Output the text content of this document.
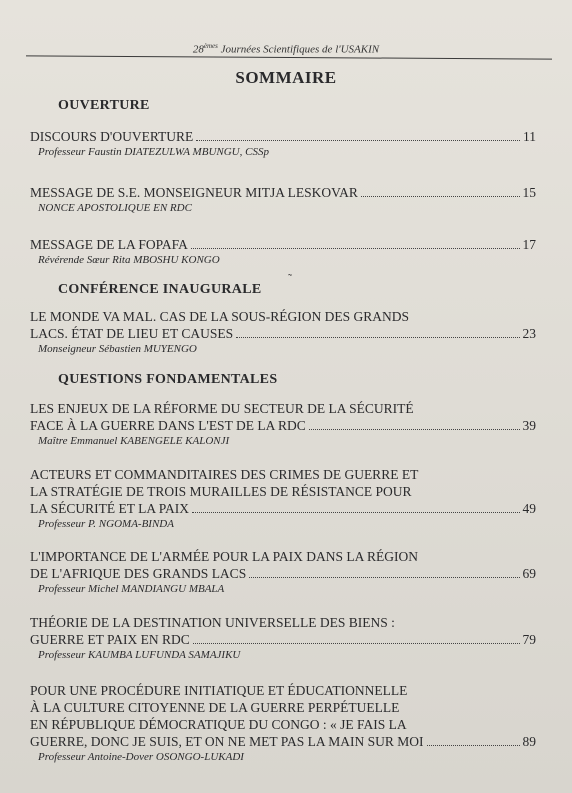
28èmes Journées Scientifiques de l'USAKIN
SOMMAIRE
OUVERTURE
CONFÉRENCE INAUGURALE
QUESTIONS FONDAMENTALES
˜
DISCOURS D'OUVERTURE	11
Professeur Faustin DIATEZULWA MBUNGU, CSSp
MESSAGE DE S.E. MONSEIGNEUR MITJA LESKOVAR	15
NONCE APOSTOLIQUE EN RDC
MESSAGE DE LA FOPAFA	17
Révérende Sœur Rita MBOSHU KONGO
LE MONDE VA MAL. CAS DE LA SOUS-RÉGION DES GRANDS
LACS. ÉTAT DE LIEU ET CAUSES	23
Monseigneur Sébastien MUYENGO
LES ENJEUX DE LA RÉFORME DU SECTEUR DE LA SÉCURITÉ
FACE À LA GUERRE DANS L'EST DE LA RDC	39
Maître Emmanuel KABENGELE KALONJI
ACTEURS ET COMMANDITAIRES DES CRIMES DE GUERRE ET
LA STRATÉGIE DE TROIS MURAILLES DE RÉSISTANCE POUR
LA SÉCURITÉ ET LA PAIX	49
Professeur P. NGOMA-BINDA
L'IMPORTANCE DE L'ARMÉE POUR LA PAIX DANS LA RÉGION
DE L'AFRIQUE DES GRANDS LACS	69
Professeur Michel MANDIANGU MBALA
THÉORIE DE LA DESTINATION UNIVERSELLE DES BIENS :
GUERRE ET PAIX EN RDC	79
Professeur KAUMBA LUFUNDA SAMAJIKU
POUR UNE PROCÉDURE INITIATIQUE ET ÉDUCATIONNELLE
À LA CULTURE CITOYENNE DE LA GUERRE PERPÉTUELLE
EN RÉPUBLIQUE DÉMOCRATIQUE DU CONGO : « JE FAIS LA
GUERRE, DONC JE SUIS, ET ON NE MET PAS LA MAIN SUR MOI	89
Professeur Antoine-Dover OSONGO-LUKADI
